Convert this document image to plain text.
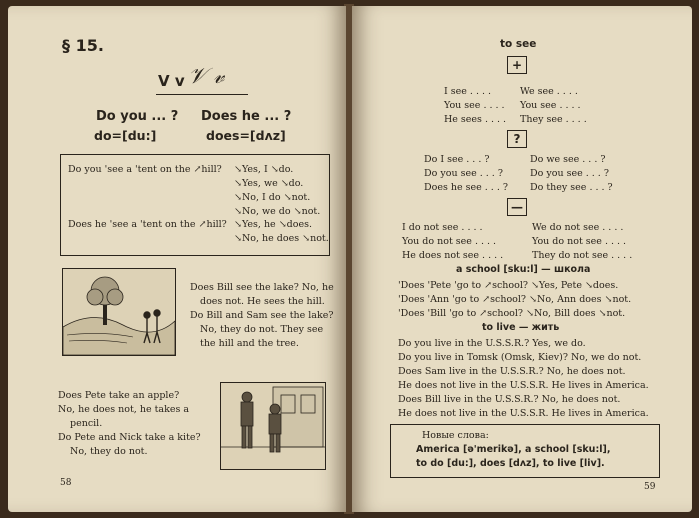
§ 15.
V v 𝒱 𝓋
Do you ... ? Does he ... ?
do=[du:]	does=[dʌz]
Do you 'see a 'tent on the ↗hill? ↘Yes, I ↘do.
↘Yes, we ↘do.
↘No, I do ↘not.
↘No, we do ↘not.
Does he 'see a 'tent on the ↗hill? ↘Yes, he ↘does.
↘No, he does ↘not.
Does Bill see the lake? No, he
does not. He sees the hill.
Do Bill and Sam see the lake?
No, they do not. They see
the hill and the tree.
Does Pete take an apple?
No, he does not, he takes a
pencil.
Do Pete and Nick take a kite?
No, they do not.
58
to see
+
I see . . . .	We see . . . .
You see . . . . You see . . . .
He sees . . . . They see . . . .
?
Do I see . . . ?	Do we see . . . ?
Do you see . . . ?	Do you see . . . ?
Does he see . . . ? Do they see . . . ?
—
I do not see . . . .	We do not see . . . .
You do not see . . . .	You do not see . . . .
He does not see . . . .	They do not see . . . .
a school [sku:l] — школа
'Does 'Pete 'go to ↗school? ↘Yes, Pete ↘does.
'Does 'Ann 'go to ↗school? ↘No, Ann does ↘not.
'Does 'Bill 'go to ↗school? ↘No, Bill does ↘not.
to live — жить
Do you live in the U.S.S.R.? Yes, we do.
Do you live in Tomsk (Omsk, Kiev)? No, we do not.
Does Sam live in the U.S.S.R.? No, he does not.
He does not live in the U.S.S.R. He lives in America.
Does Bill live in the U.S.S.R.? No, he does not.
He does not live in the U.S.S.R. He lives in America.
Новые слова:
America [ə'merikə], a school [sku:l],
to do [du:], does [dʌz], to live [liv].
59
